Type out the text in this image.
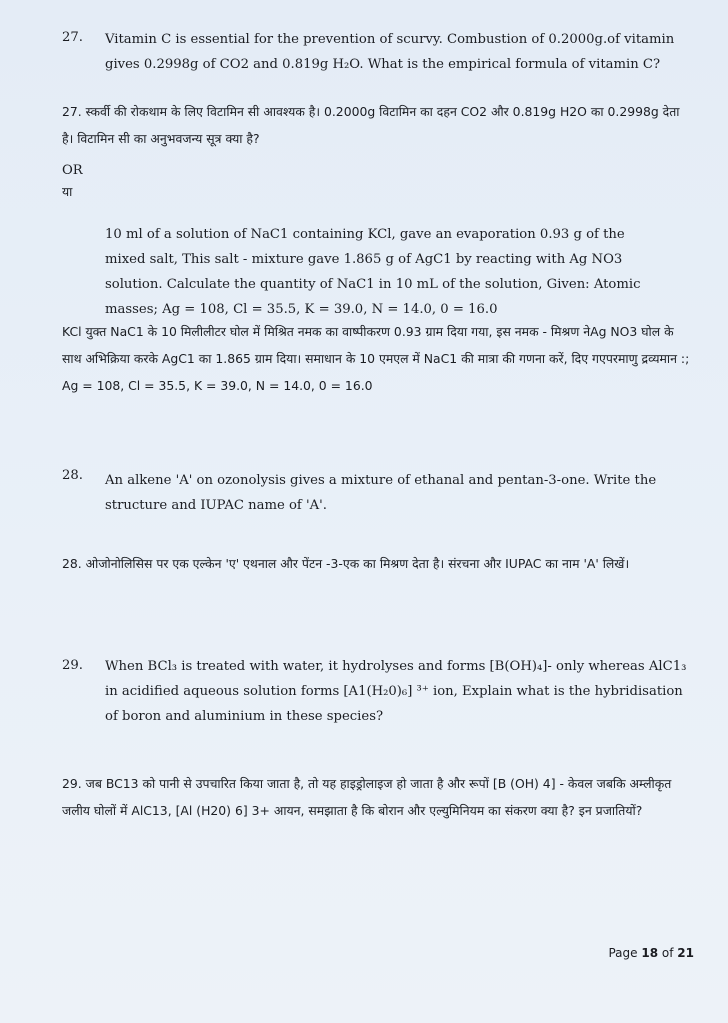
27. Vitamin C is essential for the prevention of scurvy. Combustion of 0.2000g.of vitamin gives 0.2998g of CO2 and 0.819g H₂O. What is the empirical formula of vitamin C?
27. स्कर्वी की रोकथाम के लिए विटामिन सी आवश्यक है। 0.2000g विटामिन का दहन CO2 और 0.819g H2O का 0.2998g देता है। विटामिन सी का अनुभवजन्य सूत्र क्या है?
OR
या
10 ml of a solution of NaC1 containing KCl, gave an evaporation 0.93 g of the mixed salt, This salt - mixture gave 1.865 g of AgC1 by reacting with Ag NO3 solution. Calculate the quantity of NaC1 in 10 mL of the solution, Given: Atomic masses; Ag = 108, Cl = 35.5, K = 39.0, N = 14.0, 0 = 16.0
KCl युक्त NaC1 के 10 मिलीलीटर घोल में मिश्रित नमक का वाष्पीकरण 0.93 ग्राम दिया गया, इस नमक - मिश्रण नेAg NO3 घोल के साथ अभिक्रिया करके AgC1 का 1.865 ग्राम दिया। समाधान के 10 एमएल में NaC1 की मात्रा की गणना करें, दिए गएपरमाणु द्रव्यमान :; Ag = 108, Cl = 35.5, K = 39.0, N = 14.0, 0 = 16.0
28. An alkene 'A' on ozonolysis gives a mixture of ethanal and pentan-3-one. Write the structure and IUPAC name of 'A'.
28. ओजोनोलिसिस पर एक एल्केन 'ए' एथनाल और पेंटन -3-एक का मिश्रण देता है। संरचना और IUPAC का नाम 'A' लिखें।
29. When BCl₃ is treated with water, it hydrolyses and forms [B(OH)₄]- only whereas AlC1₃ in acidified aqueous solution forms [A1(H₂0)₆] ³⁺ ion, Explain what is the hybridisation of boron and aluminium in these species?
29. जब BC13 को पानी से उपचारित किया जाता है, तो यह हाइड्रोलाइज हो जाता है और रूपों [B (OH) 4] - केवल जबकि अम्लीकृत जलीय घोलों में AlC13, [Al (H20) 6] 3+ आयन, समझाता है कि बोरान और एल्युमिनियम का संकरण क्या है? इन प्रजातियों?
Page 18 of 21
